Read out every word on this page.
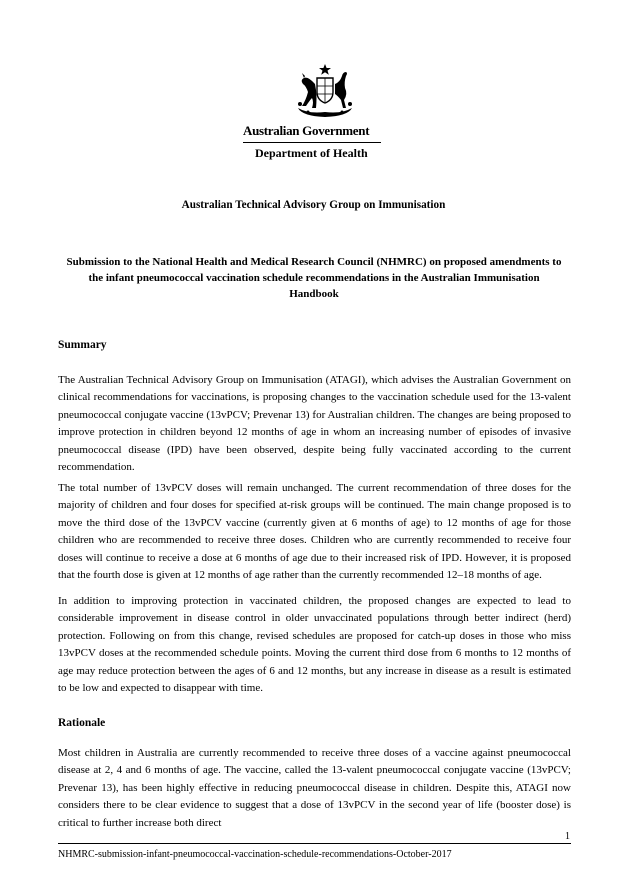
Australian Government
Department of Health
Australian Technical Advisory Group on Immunisation
Submission to the National Health and Medical Research Council (NHMRC) on proposed amendments to the infant pneumococcal vaccination schedule recommendations in the Australian Immunisation Handbook
Summary
The Australian Technical Advisory Group on Immunisation (ATAGI), which advises the Australian Government on clinical recommendations for vaccinations, is proposing changes to the vaccination schedule used for the 13-valent pneumococcal conjugate vaccine (13vPCV; Prevenar 13) for Australian children. The changes are being proposed to improve protection in children beyond 12 months of age in whom an increasing number of episodes of invasive pneumococcal disease (IPD) have been observed, despite being fully vaccinated according to the current recommendation.
The total number of 13vPCV doses will remain unchanged. The current recommendation of three doses for the majority of children and four doses for specified at-risk groups will be continued. The main change proposed is to move the third dose of the 13vPCV vaccine (currently given at 6 months of age) to 12 months of age for those children who are recommended to receive three doses. Children who are currently recommended to receive four doses will continue to receive a dose at 6 months of age due to their increased risk of IPD. However, it is proposed that the fourth dose is given at 12 months of age rather than the currently recommended 12–18 months of age.
In addition to improving protection in vaccinated children, the proposed changes are expected to lead to considerable improvement in disease control in older unvaccinated populations through better indirect (herd) protection. Following on from this change, revised schedules are proposed for catch-up doses in those who miss 13vPCV doses at the recommended schedule points. Moving the current third dose from 6 months to 12 months of age may reduce protection between the ages of 6 and 12 months, but any increase in disease as a result is estimated to be low and expected to disappear with time.
Rationale
Most children in Australia are currently recommended to receive three doses of a vaccine against pneumococcal disease at 2, 4 and 6 months of age. The vaccine, called the 13-valent pneumococcal conjugate vaccine (13vPCV; Prevenar 13), has been highly effective in reducing pneumococcal disease in children. Despite this, ATAGI now considers there to be clear evidence to suggest that a dose of 13vPCV in the second year of life (booster dose) is critical to further increase both direct
1
NHMRC-submission-infant-pneumococcal-vaccination-schedule-recommendations-October-2017
